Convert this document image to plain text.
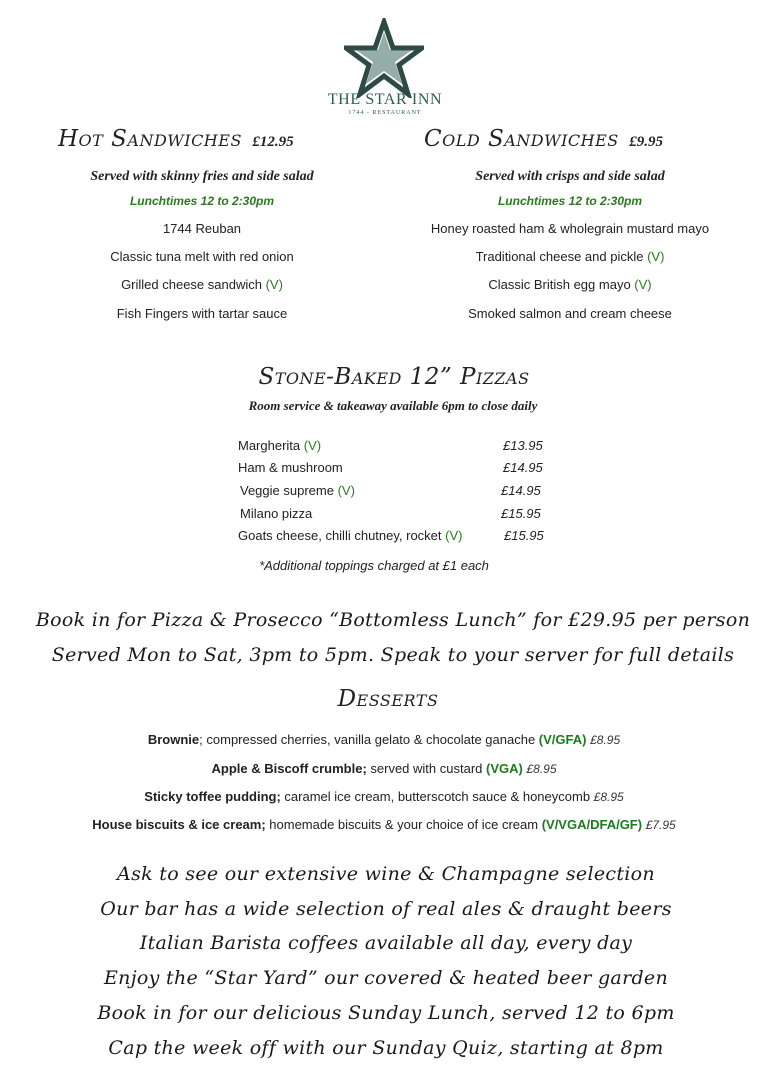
THE STAR INN
1744 - RESTAURANT
Hot Sandwiches £12.95
Served with skinny fries and side salad
Lunchtimes 12 to 2:30pm
1744 Reuban
Classic tuna melt with red onion
Grilled cheese sandwich (V)
Fish Fingers with tartar sauce
Cold Sandwiches £9.95
Served with crisps and side salad
Lunchtimes 12 to 2:30pm
Honey roasted ham & wholegrain mustard mayo
Traditional cheese and pickle (V)
Classic British egg mayo (V)
Smoked salmon and cream cheese
Stone-Baked 12” Pizzas
Room service & takeaway available 6pm to close daily
Margherita (V)	£13.95
Ham & mushroom	£14.95
Veggie supreme (V)	£14.95
Milano pizza	£15.95
Goats cheese, chilli chutney, rocket (V)	£15.95
*Additional toppings charged at £1 each
Book in for Pizza & Prosecco “Bottomless Lunch” for £29.95 per person
Served Mon to Sat, 3pm to 5pm. Speak to your server for full details
Desserts
Brownie; compressed cherries, vanilla gelato & chocolate ganache (V/GFA) £8.95
Apple & Biscoff crumble; served with custard (VGA) £8.95
Sticky toffee pudding; caramel ice cream, butterscotch sauce & honeycomb £8.95
House biscuits & ice cream; homemade biscuits & your choice of ice cream (V/VGA/DFA/GF) £7.95
Ask to see our extensive wine & Champagne selection
Our bar has a wide selection of real ales & draught beers
Italian Barista coffees available all day, every day
Enjoy the “Star Yard” our covered & heated beer garden
Book in for our delicious Sunday Lunch, served 12 to 6pm
Cap the week off with our Sunday Quiz, starting at 8pm
